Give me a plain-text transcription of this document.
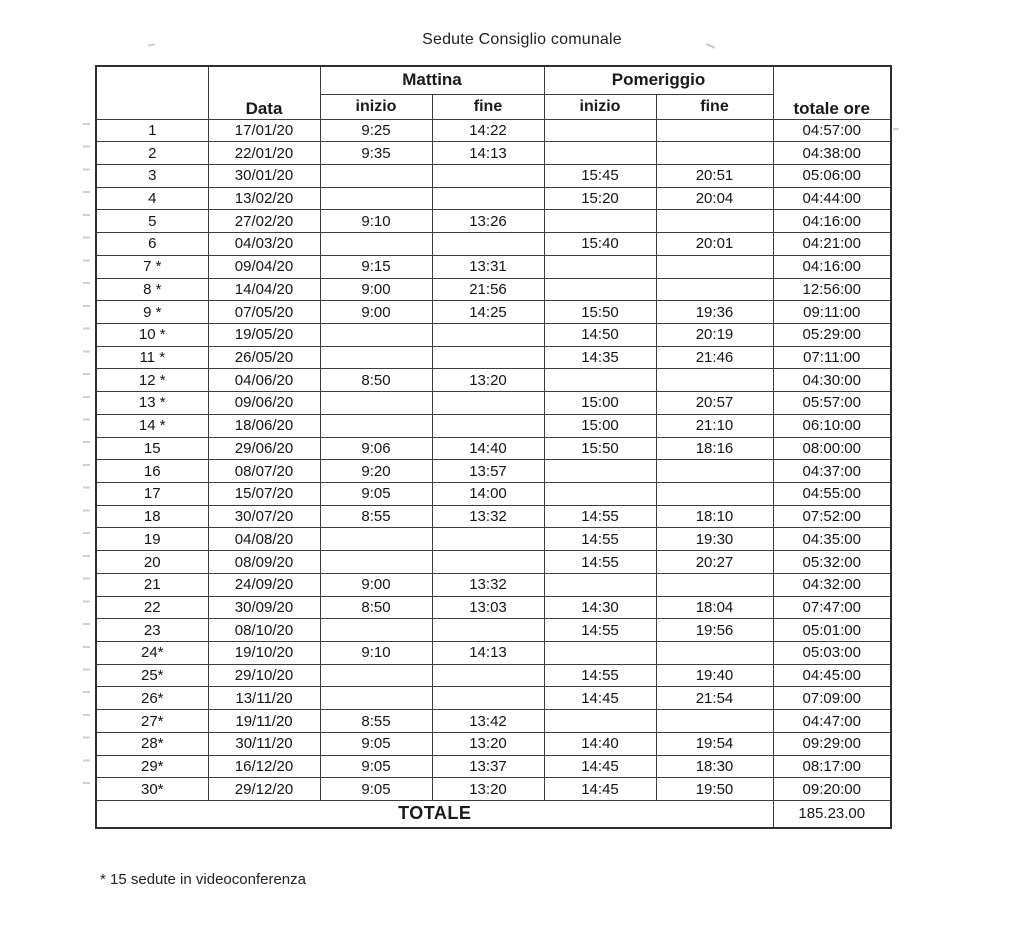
Sedute Consiglio comunale
	Data	Mattina		Pomeriggio		totale ore
		inizio	fine	inizio	fine	
1	17/01/20	9:25	14:22			04:57:00
2	22/01/20	9:35	14:13			04:38:00
3	30/01/20			15:45	20:51	05:06:00
4	13/02/20			15:20	20:04	04:44:00
5	27/02/20	9:10	13:26			04:16:00
6	04/03/20			15:40	20:01	04:21:00
7 *	09/04/20	9:15	13:31			04:16:00
8 *	14/04/20	9:00	21:56			12:56:00
9 *	07/05/20	9:00	14:25	15:50	19:36	09:11:00
10 *	19/05/20			14:50	20:19	05:29:00
11 *	26/05/20			14:35	21:46	07:11:00
12 *	04/06/20	8:50	13:20			04:30:00
13 *	09/06/20			15:00	20:57	05:57:00
14 *	18/06/20			15:00	21:10	06:10:00
15	29/06/20	9:06	14:40	15:50	18:16	08:00:00
16	08/07/20	9:20	13:57			04:37:00
17	15/07/20	9:05	14:00			04:55:00
18	30/07/20	8:55	13:32	14:55	18:10	07:52:00
19	04/08/20			14:55	19:30	04:35:00
20	08/09/20			14:55	20:27	05:32:00
21	24/09/20	9:00	13:32			04:32:00
22	30/09/20	8:50	13:03	14:30	18:04	07:47:00
23	08/10/20			14:55	19:56	05:01:00
24*	19/10/20	9:10	14:13			05:03:00
25*	29/10/20			14:55	19:40	04:45:00
26*	13/11/20			14:45	21:54	07:09:00
27*	19/11/20	8:55	13:42			04:47:00
28*	30/11/20	9:05	13:20	14:40	19:54	09:29:00
29*	16/12/20	9:05	13:37	14:45	18:30	08:17:00
30*	29/12/20	9:05	13:20	14:45	19:50	09:20:00
TOTALE						185.23.00
* 15 sedute in videoconferenza
